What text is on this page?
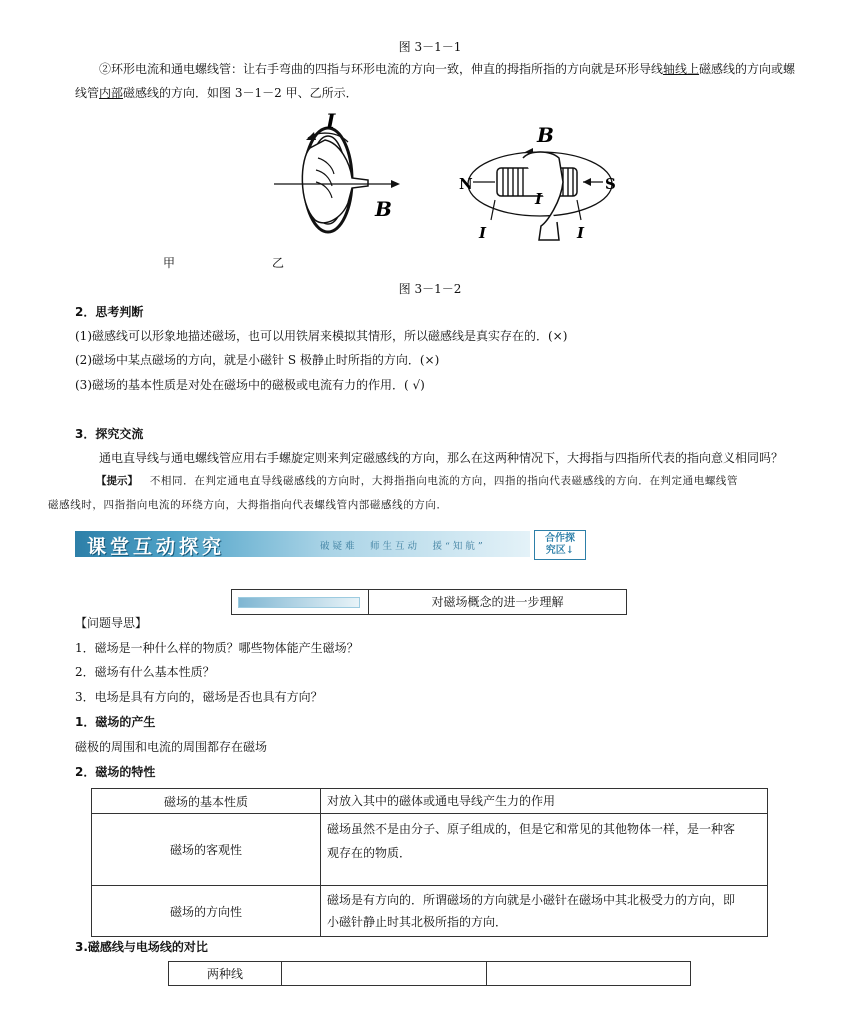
图 3－1－1
②环形电流和通电螺线管：让右手弯曲的四指与环形电流的方向一致，伸直的拇指所指的方向就是环形导线轴线上磁感线的方向或螺
线管内部磁感线的方向．如图 3－1－2 甲、乙所示．
I
B
B
N	S
I
I	I
甲	乙
图 3－1－2
2．思考判断
(1)磁感线可以形象地描述磁场，也可以用铁屑来模拟其情形，所以磁感线是真实存在的．(×)
(2)磁场中某点磁场的方向，就是小磁针 S 极静止时所指的方向．(×)
(3)磁场的基本性质是对处在磁场中的磁极或电流有力的作用．( √)
3．探究交流
通电直导线与通电螺线管应用右手螺旋定则来判定磁感线的方向，那么在这两种情况下，大拇指与四指所代表的指向意义相同吗？
【提示】 不相同．在判定通电直导线磁感线的方向时，大拇指指向电流的方向，四指的指向代表磁感线的方向．在判定通电螺线管
磁感线时，四指指向电流的环绕方向，大拇指指向代表螺线管内部磁感线的方向．
课堂互动探究	破疑难　师生互动　援“知航”
合作探
究区↓
对磁场概念的进一步理解
【问题导思】
1．磁场是一种什么样的物质？哪些物体能产生磁场？
2．磁场有什么基本性质？
3．电场是具有方向的，磁场是否也具有方向？
1．磁场的产生
磁极的周围和电流的周围都存在磁场
2．磁场的特性
磁场的基本性质	对放入其中的磁体或通电导线产生力的作用
磁场的客观性	磁场虽然不是由分子、原子组成的，但是它和常见的其他物体一样，是一种客
观存在的物质．

磁场的方向性	磁场是有方向的．所谓磁场的方向就是小磁针在磁场中其北极受力的方向，即
小磁针静止时其北极所指的方向．
3.磁感线与电场线的对比
两种线		
